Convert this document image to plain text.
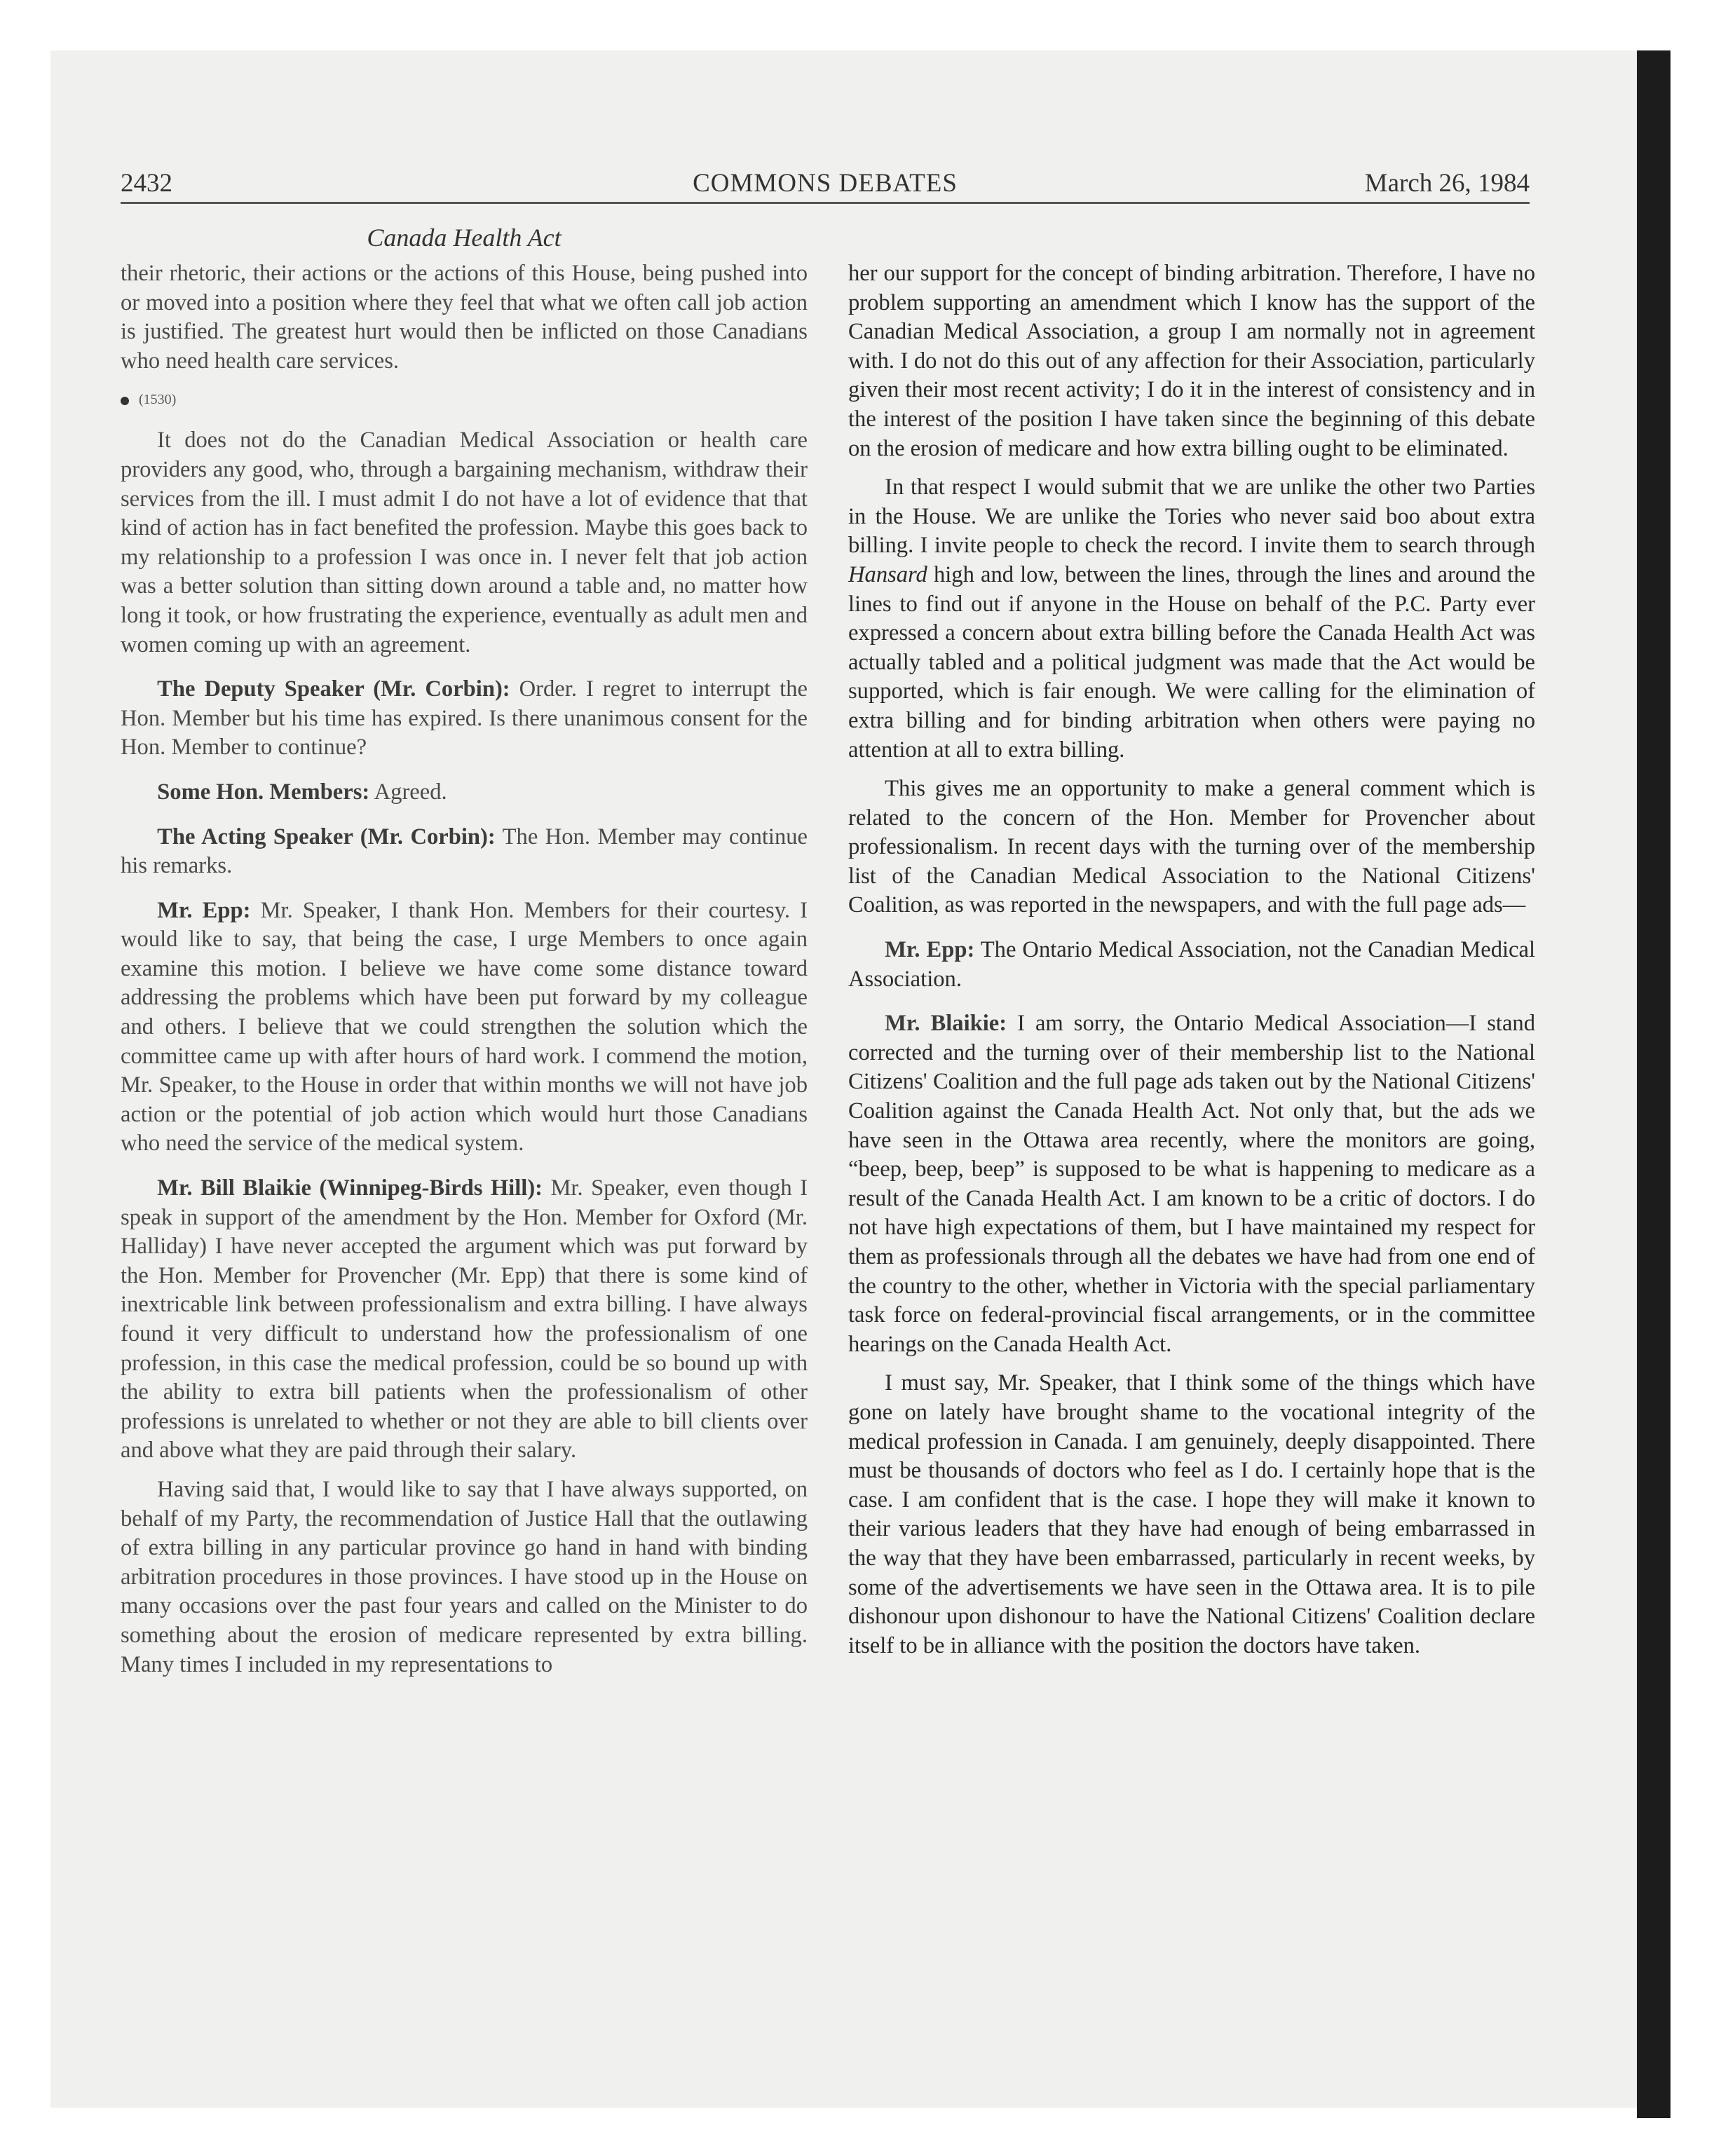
2432	COMMONS DEBATES	March 26, 1984
Canada Health Act

their rhetoric, their actions or the actions of this House, being pushed into or moved into a position where they feel that what we often call job action is justified. The greatest hurt would then be inflicted on those Canadians who need health care services.

(1530)

It does not do the Canadian Medical Association or health care providers any good, who, through a bargaining mechanism, withdraw their services from the ill. I must admit I do not have a lot of evidence that that kind of action has in fact benefited the profession. Maybe this goes back to my relationship to a profession I was once in. I never felt that job action was a better solution than sitting down around a table and, no matter how long it took, or how frustrating the experience, eventually as adult men and women coming up with an agreement.

The Deputy Speaker (Mr. Corbin): Order. I regret to interrupt the Hon. Member but his time has expired. Is there unanimous consent for the Hon. Member to continue?

Some Hon. Members: Agreed.

The Acting Speaker (Mr. Corbin): The Hon. Member may continue his remarks.

Mr. Epp: Mr. Speaker, I thank Hon. Members for their courtesy. I would like to say, that being the case, I urge Members to once again examine this motion. I believe we have come some distance toward addressing the problems which have been put forward by my colleague and others. I believe that we could strengthen the solution which the committee came up with after hours of hard work. I commend the motion, Mr. Speaker, to the House in order that within months we will not have job action or the potential of job action which would hurt those Canadians who need the service of the medical system.

Mr. Bill Blaikie (Winnipeg-Birds Hill): Mr. Speaker, even though I speak in support of the amendment by the Hon. Member for Oxford (Mr. Halliday) I have never accepted the argument which was put forward by the Hon. Member for Provencher (Mr. Epp) that there is some kind of inextricable link between professionalism and extra billing. I have always found it very difficult to understand how the professionalism of one profession, in this case the medical profession, could be so bound up with the ability to extra bill patients when the professionalism of other professions is unrelated to whether or not they are able to bill clients over and above what they are paid through their salary.

Having said that, I would like to say that I have always supported, on behalf of my Party, the recommendation of Justice Hall that the outlawing of extra billing in any particular province go hand in hand with binding arbitration procedures in those provinces. I have stood up in the House on many occasions over the past four years and called on the Minister to do something about the erosion of medicare represented by extra billing. Many times I included in my representations to

her our support for the concept of binding arbitration. Therefore, I have no problem supporting an amendment which I know has the support of the Canadian Medical Association, a group I am normally not in agreement with. I do not do this out of any affection for their Association, particularly given their most recent activity; I do it in the interest of consistency and in the interest of the position I have taken since the beginning of this debate on the erosion of medicare and how extra billing ought to be eliminated.

In that respect I would submit that we are unlike the other two Parties in the House. We are unlike the Tories who never said boo about extra billing. I invite people to check the record. I invite them to search through Hansard high and low, between the lines, through the lines and around the lines to find out if anyone in the House on behalf of the P.C. Party ever expressed a concern about extra billing before the Canada Health Act was actually tabled and a political judgment was made that the Act would be supported, which is fair enough. We were calling for the elimination of extra billing and for binding arbitration when others were paying no attention at all to extra billing.

This gives me an opportunity to make a general comment which is related to the concern of the Hon. Member for Provencher about professionalism. In recent days with the turning over of the membership list of the Canadian Medical Association to the National Citizens' Coalition, as was reported in the newspapers, and with the full page ads—

Mr. Epp: The Ontario Medical Association, not the Canadian Medical Association.

Mr. Blaikie: I am sorry, the Ontario Medical Association—I stand corrected and the turning over of their membership list to the National Citizens' Coalition and the full page ads taken out by the National Citizens' Coalition against the Canada Health Act. Not only that, but the ads we have seen in the Ottawa area recently, where the monitors are going, “beep, beep, beep” is supposed to be what is happening to medicare as a result of the Canada Health Act. I am known to be a critic of doctors. I do not have high expectations of them, but I have maintained my respect for them as professionals through all the debates we have had from one end of the country to the other, whether in Victoria with the special parliamentary task force on federal-provincial fiscal arrangements, or in the committee hearings on the Canada Health Act.

I must say, Mr. Speaker, that I think some of the things which have gone on lately have brought shame to the vocational integrity of the medical profession in Canada. I am genuinely, deeply disappointed. There must be thousands of doctors who feel as I do. I certainly hope that is the case. I am confident that is the case. I hope they will make it known to their various leaders that they have had enough of being embarrassed in the way that they have been embarrassed, particularly in recent weeks, by some of the advertisements we have seen in the Ottawa area. It is to pile dishonour upon dishonour to have the National Citizens' Coalition declare itself to be in alliance with the position the doctors have taken.
